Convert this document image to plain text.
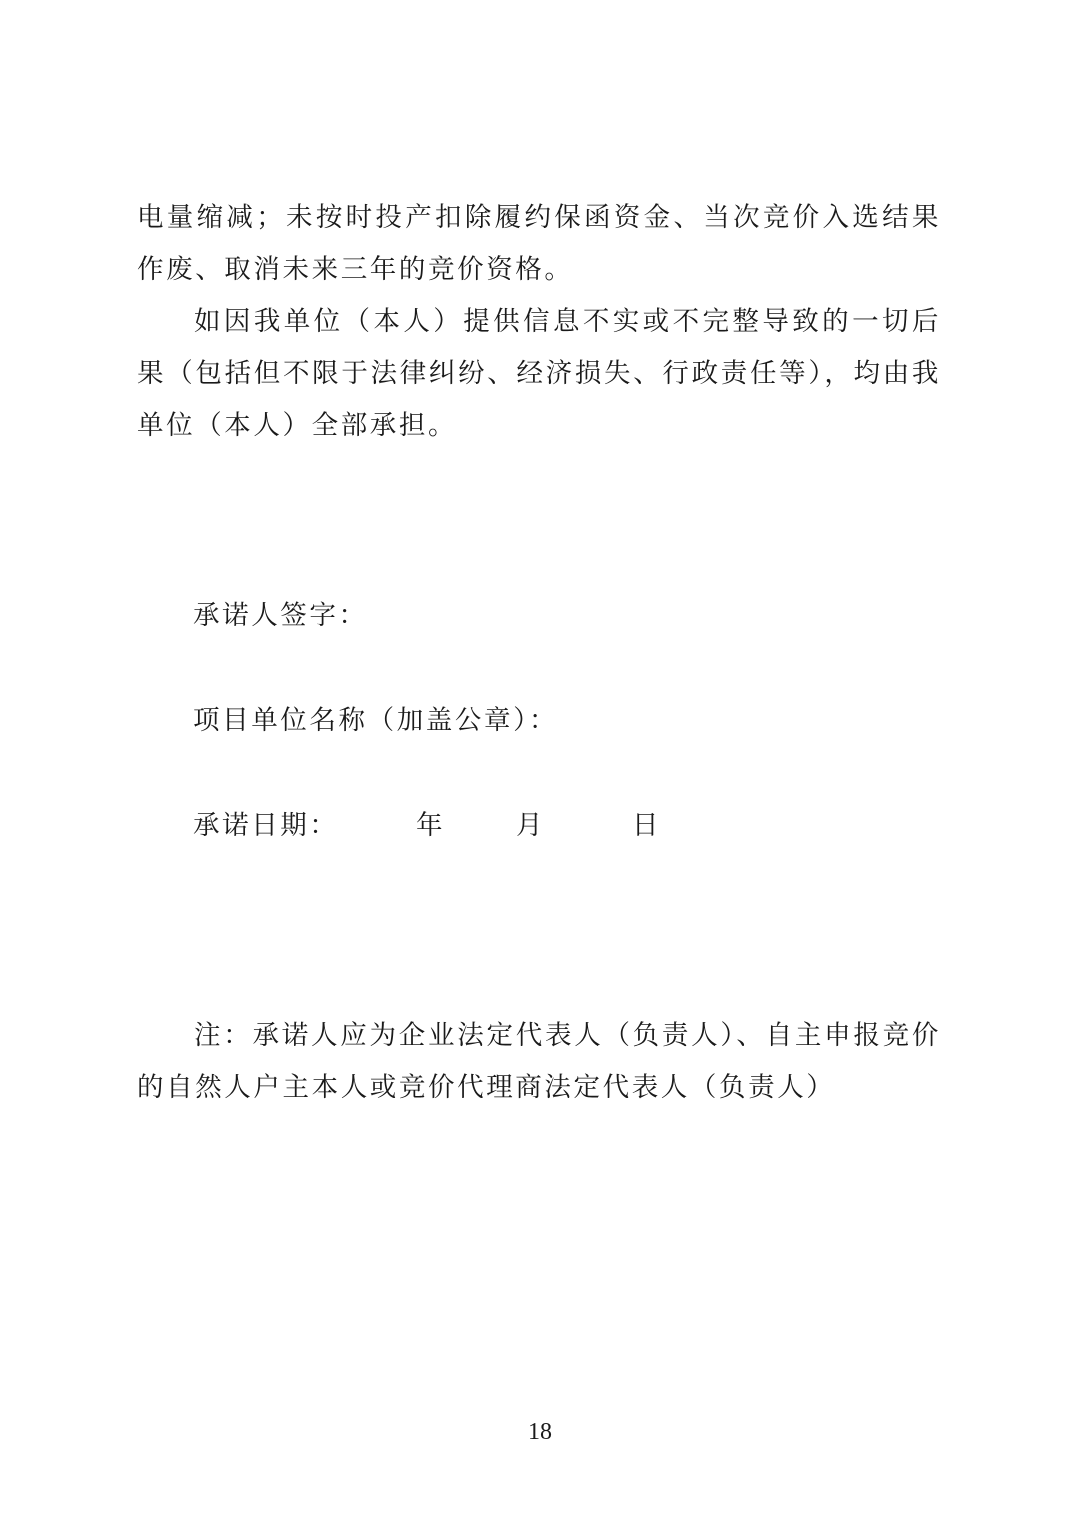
电量缩减；未按时投产扣除履约保函资金、当次竞价入选结果作废、取消未来三年的竞价资格。

如因我单位（本人）提供信息不实或不完整导致的一切后果（包括但不限于法律纠纷、经济损失、行政责任等），均由我单位（本人）全部承担。

承诺人签字：
项目单位名称（加盖公章）：
承诺日期：	年	月	日

注：承诺人应为企业法定代表人（负责人）、自主申报竞价的自然人户主本人或竞价代理商法定代表人（负责人）

18
